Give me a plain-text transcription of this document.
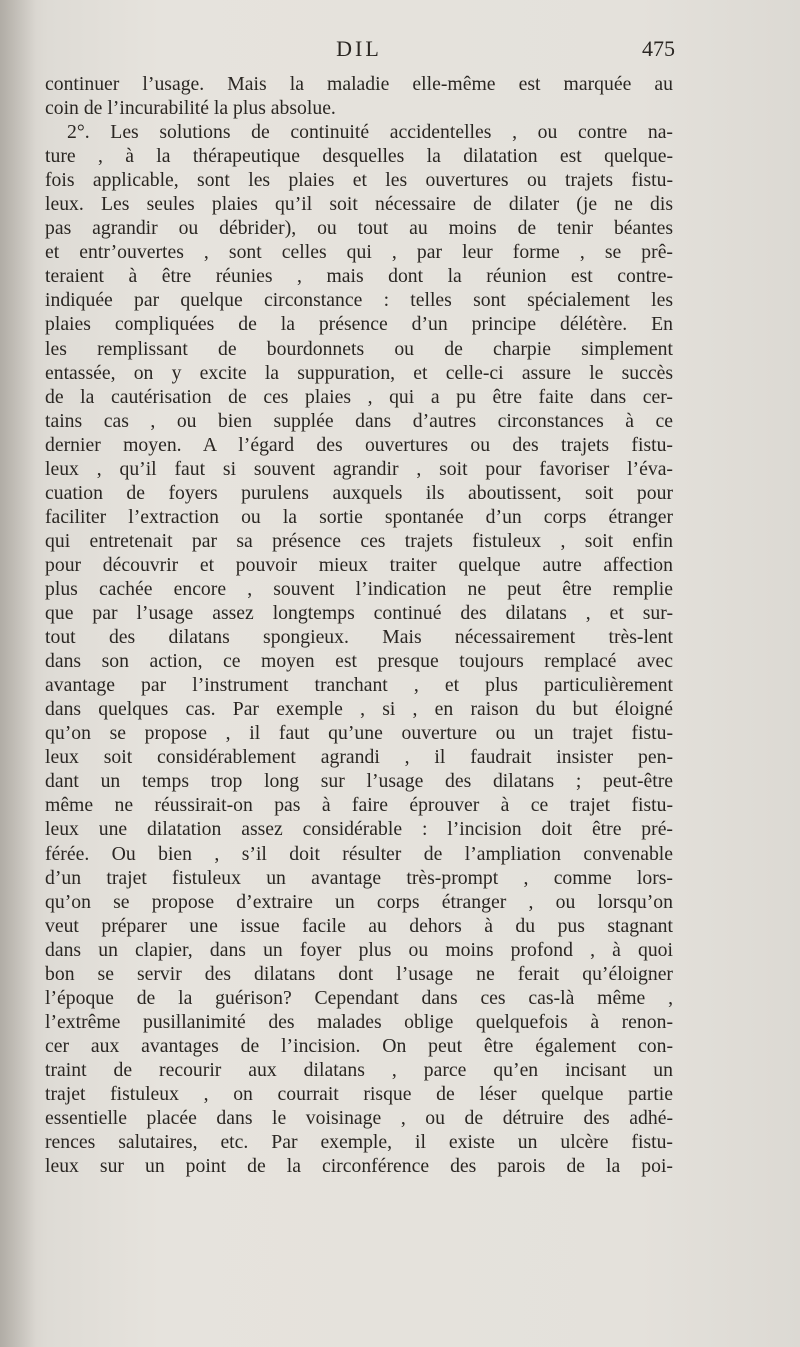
DIL	475
continuer l’usage. Mais la maladie elle-même est marquée au
coin de l’incurabilité la plus absolue.
2°. Les solutions de continuité accidentelles , ou contre na-
ture , à la thérapeutique desquelles la dilatation est quelque-
fois applicable, sont les plaies et les ouvertures ou trajets fistu-
leux. Les seules plaies qu’il soit nécessaire de dilater (je ne dis
pas agrandir ou débrider), ou tout au moins de tenir béantes
et entr’ouvertes , sont celles qui , par leur forme , se prê-
teraient à être réunies , mais dont la réunion est contre-
indiquée par quelque circonstance : telles sont spécialement les
plaies compliquées de la présence d’un principe délétère. En
les remplissant de bourdonnets ou de charpie simplement
entassée, on y excite la suppuration, et celle-ci assure le succès
de la cautérisation de ces plaies , qui a pu être faite dans cer-
tains cas , ou bien supplée dans d’autres circonstances à ce
dernier moyen. A l’égard des ouvertures ou des trajets fistu-
leux , qu’il faut si souvent agrandir , soit pour favoriser l’éva-
cuation de foyers purulens auxquels ils aboutissent, soit pour
faciliter l’extraction ou la sortie spontanée d’un corps étranger
qui entretenait par sa présence ces trajets fistuleux , soit enfin
pour découvrir et pouvoir mieux traiter quelque autre affection
plus cachée encore , souvent l’indication ne peut être remplie
que par l’usage assez longtemps continué des dilatans , et sur-
tout des dilatans spongieux. Mais nécessairement très-lent
dans son action, ce moyen est presque toujours remplacé avec
avantage par l’instrument tranchant , et plus particulièrement
dans quelques cas. Par exemple , si , en raison du but éloigné
qu’on se propose , il faut qu’une ouverture ou un trajet fistu-
leux soit considérablement agrandi , il faudrait insister pen-
dant un temps trop long sur l’usage des dilatans ; peut-être
même ne réussirait-on pas à faire éprouver à ce trajet fistu-
leux une dilatation assez considérable : l’incision doit être pré-
férée. Ou bien , s’il doit résulter de l’ampliation convenable
d’un trajet fistuleux un avantage très-prompt , comme lors-
qu’on se propose d’extraire un corps étranger , ou lorsqu’on
veut préparer une issue facile au dehors à du pus stagnant
dans un clapier, dans un foyer plus ou moins profond , à quoi
bon se servir des dilatans dont l’usage ne ferait qu’éloigner
l’époque de la guérison? Cependant dans ces cas-là même ,
l’extrême pusillanimité des malades oblige quelquefois à renon-
cer aux avantages de l’incision. On peut être également con-
traint de recourir aux dilatans , parce qu’en incisant un
trajet fistuleux , on courrait risque de léser quelque partie
essentielle placée dans le voisinage , ou de détruire des adhé-
rences salutaires, etc. Par exemple, il existe un ulcère fistu-
leux sur un point de la circonférence des parois de la poi-
